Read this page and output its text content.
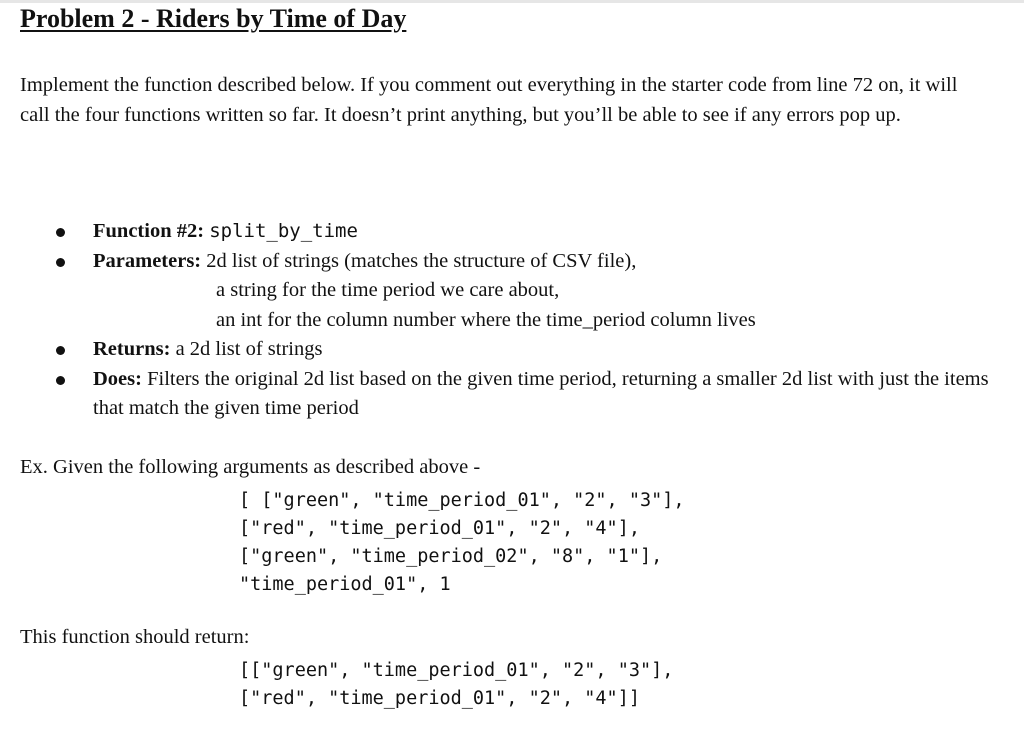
Problem 2 - Riders by Time of Day

Implement the function described below. If you comment out everything in the starter code from line 72 on, it will call the four functions written so far. It doesn’t print anything, but you’ll be able to see if any errors pop up.

Function #2: split_by_time
Parameters: 2d list of strings (matches the structure of CSV file),
a string for the time period we care about,
an int for the column number where the time_period column lives
Returns: a 2d list of strings
Does: Filters the original 2d list based on the given time period, returning a smaller 2d list with just the items that match the given time period

Ex. Given the following arguments as described above -

[ ["green", "time_period_01", "2", "3"],
["red", "time_period_01", "2", "4"],
["green", "time_period_02", "8", "1"],
"time_period_01", 1

This function should return:

[["green", "time_period_01", "2", "3"],
["red", "time_period_01", "2", "4"]]
